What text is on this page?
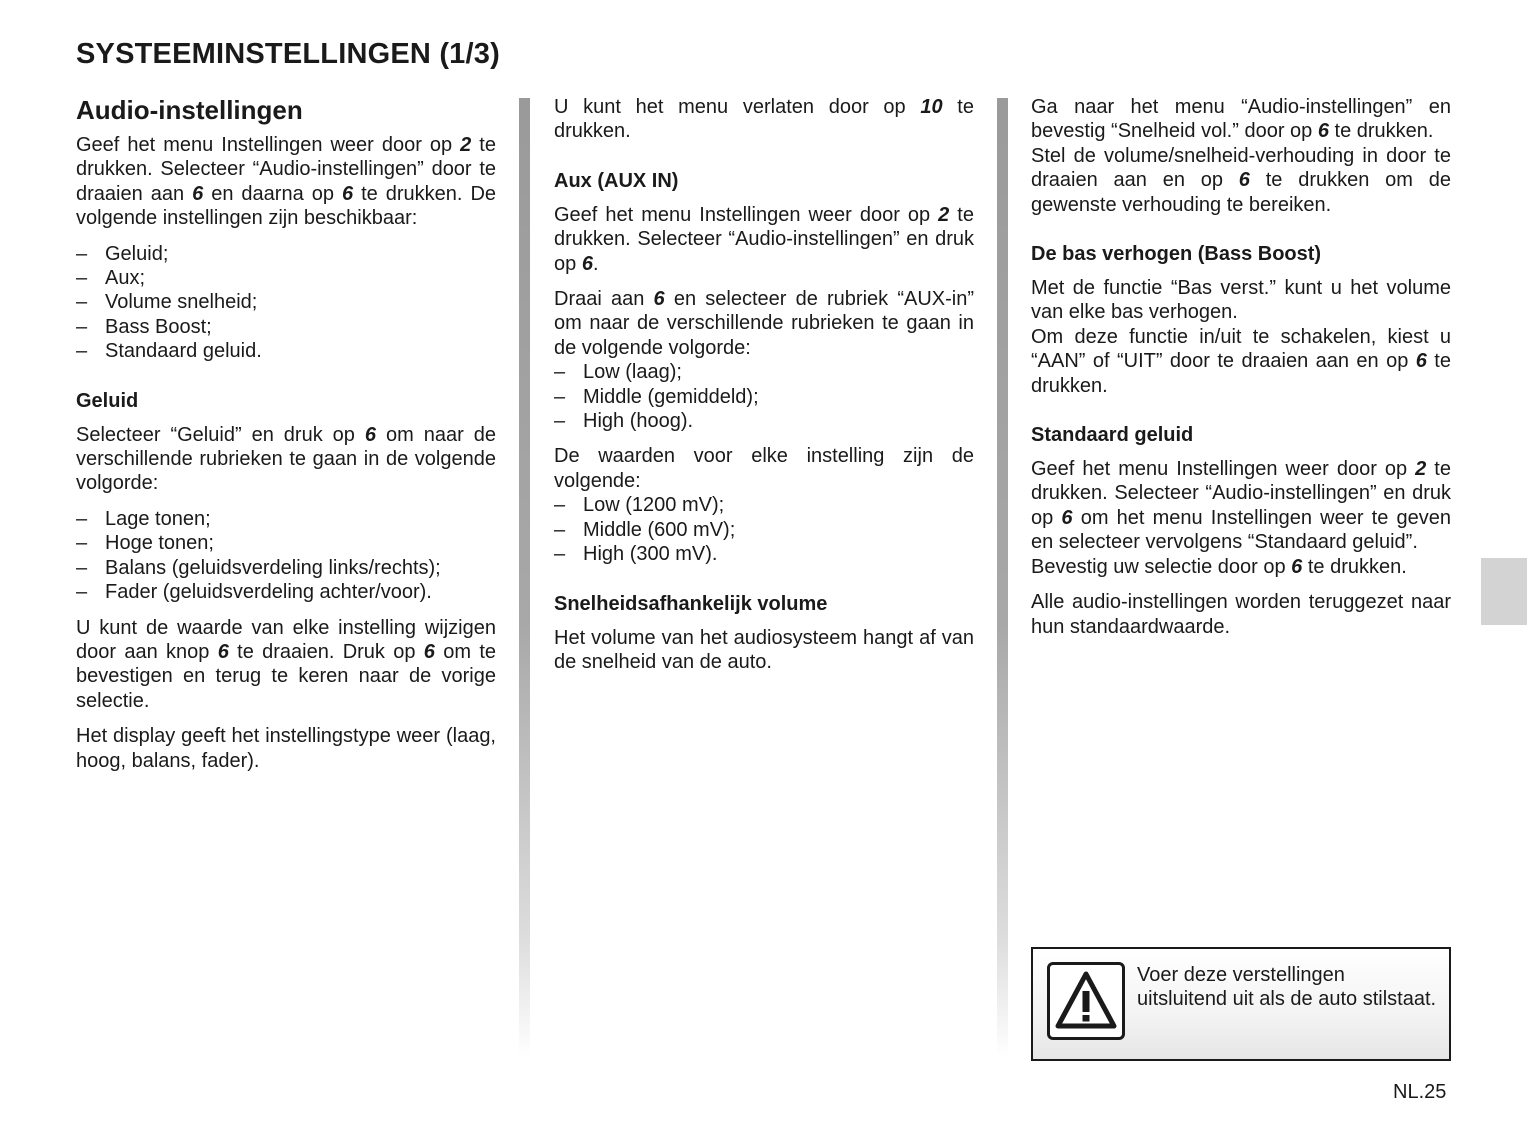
SYSTEEMINSTELLINGEN (1/3)
Audio-instellingen

Geef het menu Instellingen weer door op 2 te drukken. Selecteer “Audio-instellingen” door te draaien aan 6 en daarna op 6 te drukken. De volgende instellingen zijn beschikbaar:

– Geluid;
– Aux;
– Volume snelheid;
– Bass Boost;
– Standaard geluid.
Geluid

Selecteer “Geluid” en druk op 6 om naar de verschillende rubrieken te gaan in de volgende volgorde:

– Lage tonen;
– Hoge tonen;
– Balans (geluidsverdeling links/rechts);
– Fader (geluidsverdeling achter/voor).

U kunt de waarde van elke instelling wijzigen door aan knop 6 te draaien. Druk op 6 om te bevestigen en terug te keren naar de vorige selectie.

Het display geeft het instellingstype weer (laag, hoog, balans, fader).

U kunt het menu verlaten door op 10 te drukken.

Aux (AUX IN)

Geef het menu Instellingen weer door op 2 te drukken. Selecteer “Audio-instellingen” en druk op 6.

Draai aan 6 en selecteer de rubriek “AUX-in” om naar de verschillende rubrieken te gaan in de volgende volgorde:

– Low (laag);
– Middle (gemiddeld);
– High (hoog).

De waarden voor elke instelling zijn de volgende:

– Low (1200 mV);
– Middle (600 mV);
– High (300 mV).
Snelheidsafhankelijk volume

Het volume van het audiosysteem hangt af van de snelheid van de auto.

Ga naar het menu “Audio-instellingen” en bevestig “Snelheid vol.” door op 6 te drukken.

Stel de volume/snelheid-verhouding in door te draaien aan en op 6 te drukken om de gewenste verhouding te bereiken.

De bas verhogen (Bass Boost)

Met de functie “Bas verst.” kunt u het volume van elke bas verhogen.

Om deze functie in/uit te schakelen, kiest u “AAN” of “UIT” door te draaien aan en op 6 te drukken.

Standaard geluid

Geef het menu Instellingen weer door op 2 te drukken. Selecteer “Audio-instellingen” en druk op 6 om het menu Instellingen weer te geven en selecteer vervolgens “Standaard geluid”.

Bevestig uw selectie door op 6 te drukken.

Alle audio-instellingen worden teruggezet naar hun standaardwaarde.

Voer deze verstellingen uitsluitend uit als de auto stilstaat.
NL.25
